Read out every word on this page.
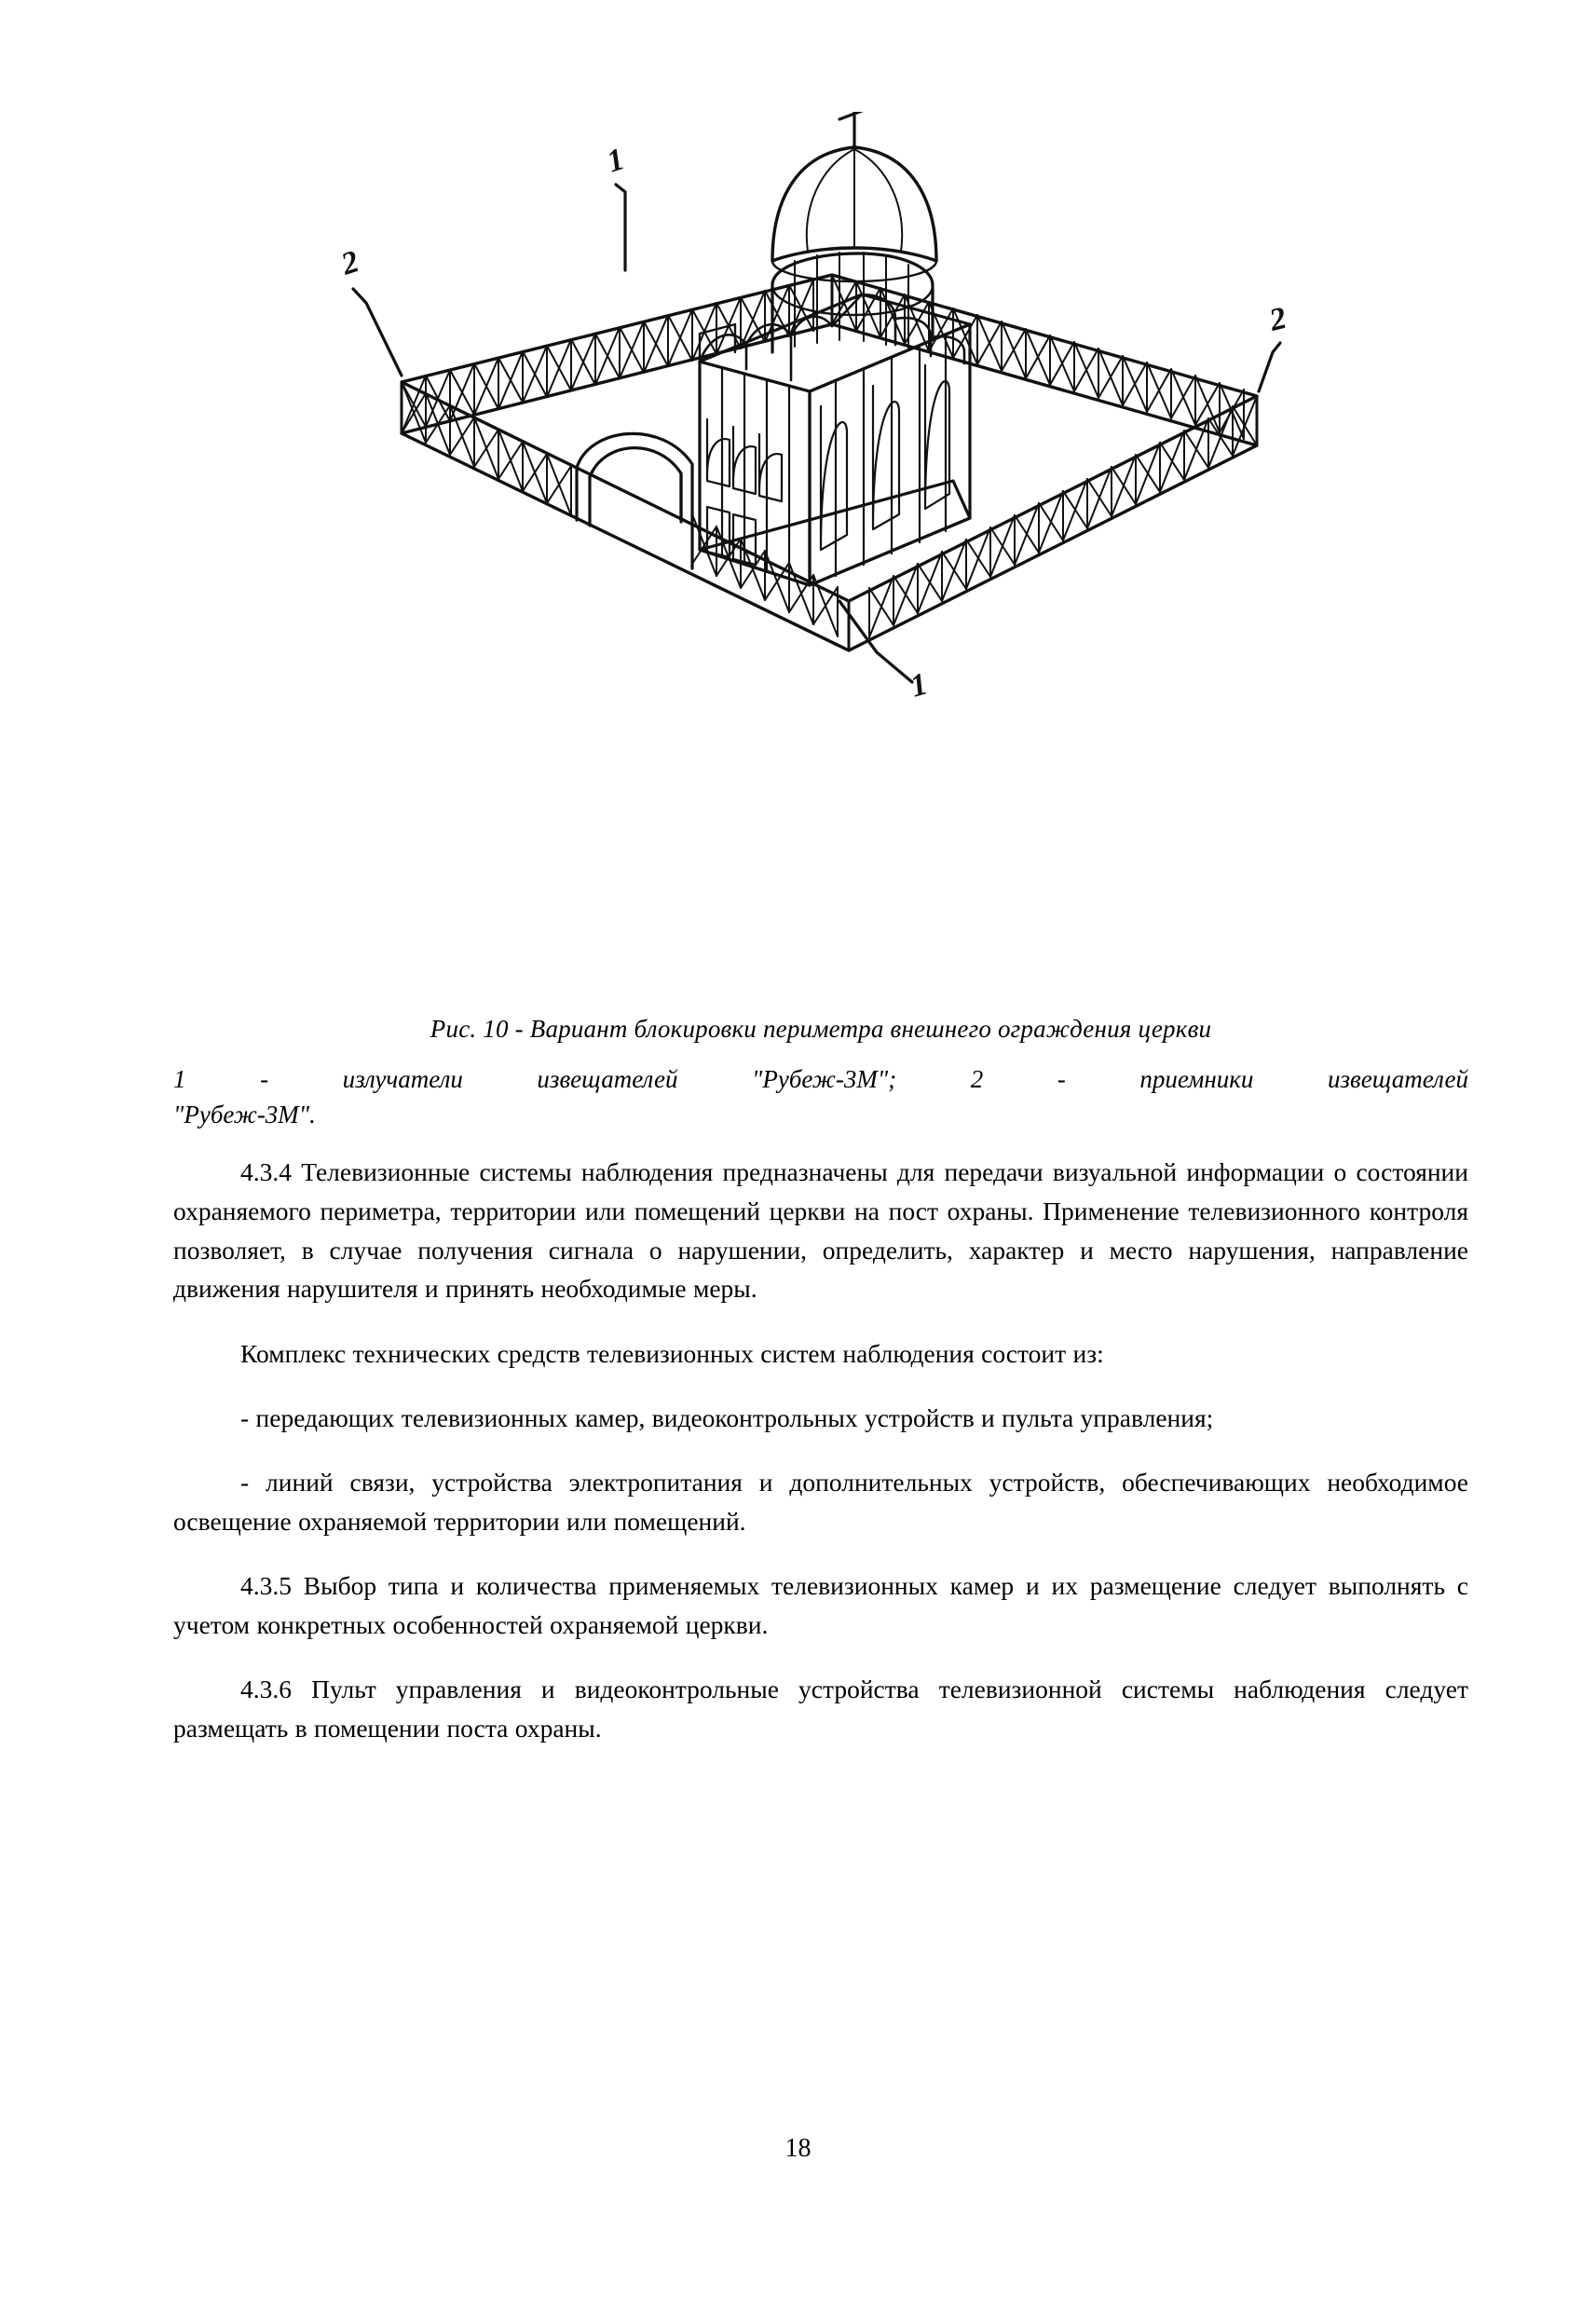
1
2
2
1
Рис. 10 - Вариант блокировки периметра внешнего ограждения церкви
1 - излучатели извещателей "Рубеж-3М"; 2 - приемники извещателей
"Рубеж-3М".

4.3.4 Телевизионные системы наблюдения предназначены для передачи визуальной информации о состоянии охраняемого периметра, территории или помещений церкви на пост охраны. Применение телевизионного контроля позволяет, в случае получения сигнала о нарушении, определить, характер и место нарушения, направление движения нарушителя и принять необходимые меры.

Комплекс технических средств телевизионных систем наблюдения состоит из:

- передающих телевизионных камер, видеоконтрольных устройств и пульта управления;

- линий связи, устройства электропитания и дополнительных устройств, обеспечивающих необходимое освещение охраняемой территории или помещений.

4.3.5 Выбор типа и количества применяемых телевизионных камер и их размещение следует выполнять с учетом конкретных особенностей охраняемой церкви.

4.3.6 Пульт управления и видеоконтрольные устройства телевизионной системы наблюдения следует размещать в помещении поста охраны.

18
